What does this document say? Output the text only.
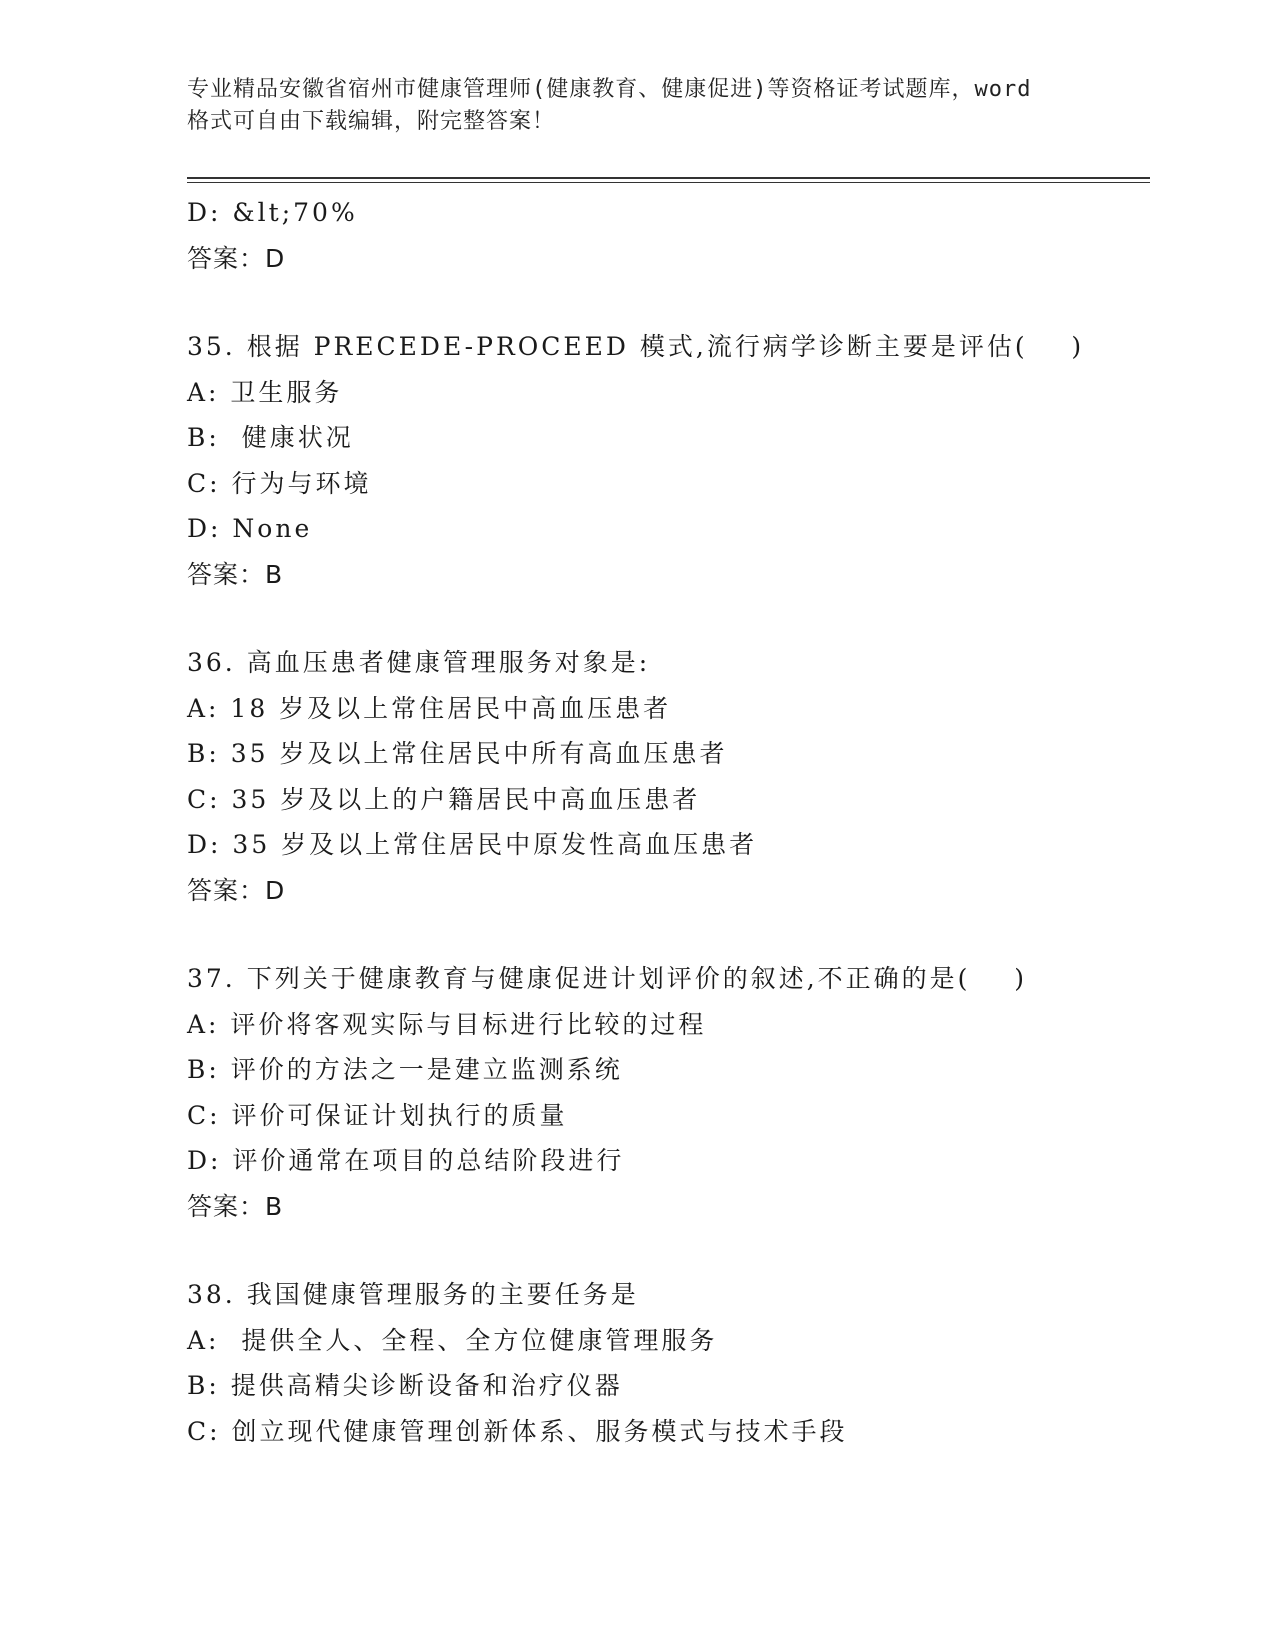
专业精品安徽省宿州市健康管理师(健康教育、健康促进)等资格证考试题库，word
格式可自由下载编辑，附完整答案！
D: &lt;70%
答案：D
35. 根据 PRECEDE-PROCEED 模式,流行病学诊断主要是评估(    )
A: 卫生服务
B:  健康状况
C: 行为与环境
D: None
答案：B
36. 高血压患者健康管理服务对象是:
A: 18 岁及以上常住居民中高血压患者
B: 35 岁及以上常住居民中所有高血压患者
C: 35 岁及以上的户籍居民中高血压患者
D: 35 岁及以上常住居民中原发性高血压患者
答案：D
37. 下列关于健康教育与健康促进计划评价的叙述,不正确的是(    )
A: 评价将客观实际与目标进行比较的过程
B: 评价的方法之一是建立监测系统
C: 评价可保证计划执行的质量
D: 评价通常在项目的总结阶段进行
答案：B
38. 我国健康管理服务的主要任务是
A:  提供全人、全程、全方位健康管理服务
B: 提供高精尖诊断设备和治疗仪器
C: 创立现代健康管理创新体系、服务模式与技术手段
